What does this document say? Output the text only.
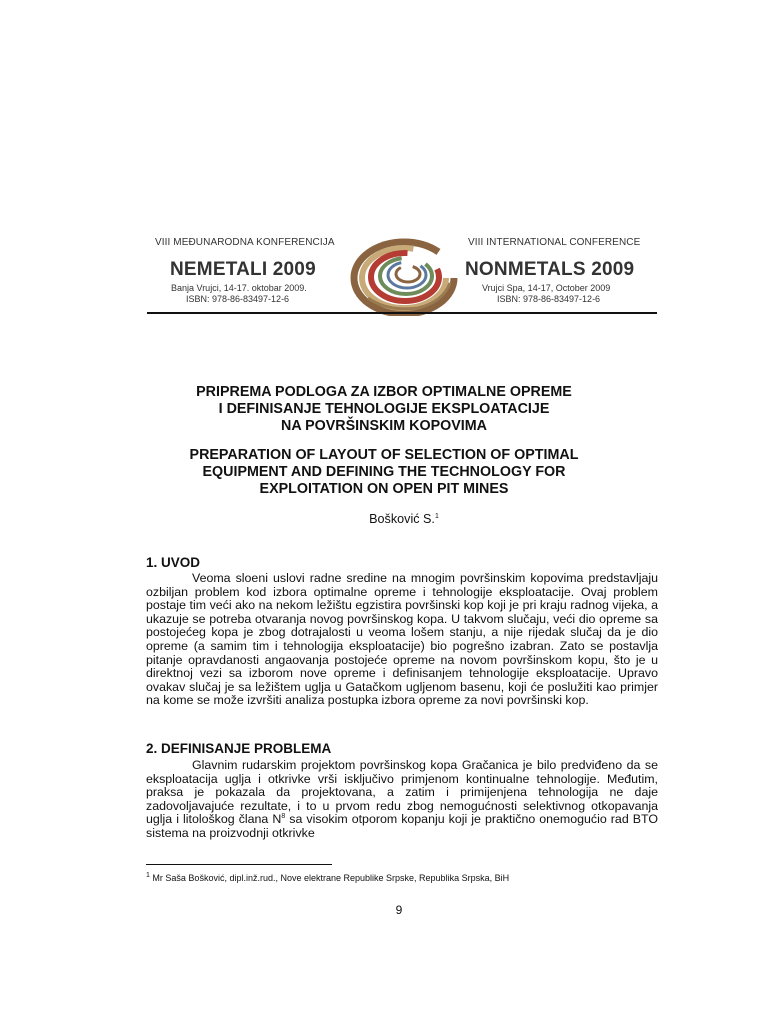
VIII MEĐUNARODNA KONFERENCIJA
NEMETALI 2009
Banja Vrujci, 14-17. oktobar 2009.
ISBN: 978-86-83497-12-6
VIII INTERNATIONAL CONFERENCE
NONMETALS 2009
Vrujci Spa, 14-17, October 2009
ISBN: 978-86-83497-12-6
PRIPREMA PODLOGA ZA IZBOR OPTIMALNE OPREME
I DEFINISANJE TEHNOLOGIJE EKSPLOATACIJE
NA POVRŠINSKIM KOPOVIMA
PREPARATION OF LAYOUT OF SELECTION OF OPTIMAL
EQUIPMENT AND DEFINING THE TECHNOLOGY FOR
EXPLOITATION ON OPEN PIT MINES
Bošković S.$^1$
1. UVOD

Veoma sloeni uslovi radne sredine na mnogim površinskim kopovima predstavljaju ozbiljan problem kod izbora optimalne opreme i tehnologije eksploatacije. Ovaj problem postaje tim veći ako na nekom ležištu egzistira površinski kop koji je pri kraju radnog vijeka, a ukazuje se potreba otvaranja novog površinskog kopa. U takvom slučaju, veći dio opreme sa postojećeg kopa je zbog dotrajalosti u veoma lošem stanju, a nije rijedak slučaj da je dio opreme (a samim tim i tehnologija eksploatacije) bio pogrešno izabran. Zato se postavlja pitanje opravdanosti angaovanja postojeće opreme na novom površinskom kopu, što je u direktnoj vezi sa izborom nove opreme i definisanjem tehnologije eksploatacije. Upravo ovakav slučaj je sa ležištem uglja u Gatačkom ugljenom basenu, koji će poslužiti kao primjer na kome se može izvršiti analiza postupka izbora opreme za novi površinski kop.

2. DEFINISANJE PROBLEMA

Glavnim rudarskim projektom površinskog kopa Gračanica je bilo predviđeno da se eksploatacija uglja i otkrivke vrši isključivo primjenom kontinualne tehnologije. Međutim, praksa je pokazala da projektovana, a zatim i primijenjena tehnologija ne daje zadovoljavajuće rezultate, i to u prvom redu zbog nemogućnosti selektivnog otkopavanja uglja i litološkog člana $N^8$ sa visokim otporom kopanju koji je praktično onemogućio rad BTO sistema na proizvodnji otkrivke

$^1$ Mr Saša Bošković, dipl.inž.rud., Nove elektrane Republike Srpske, Republika Srpska, BiH
9
